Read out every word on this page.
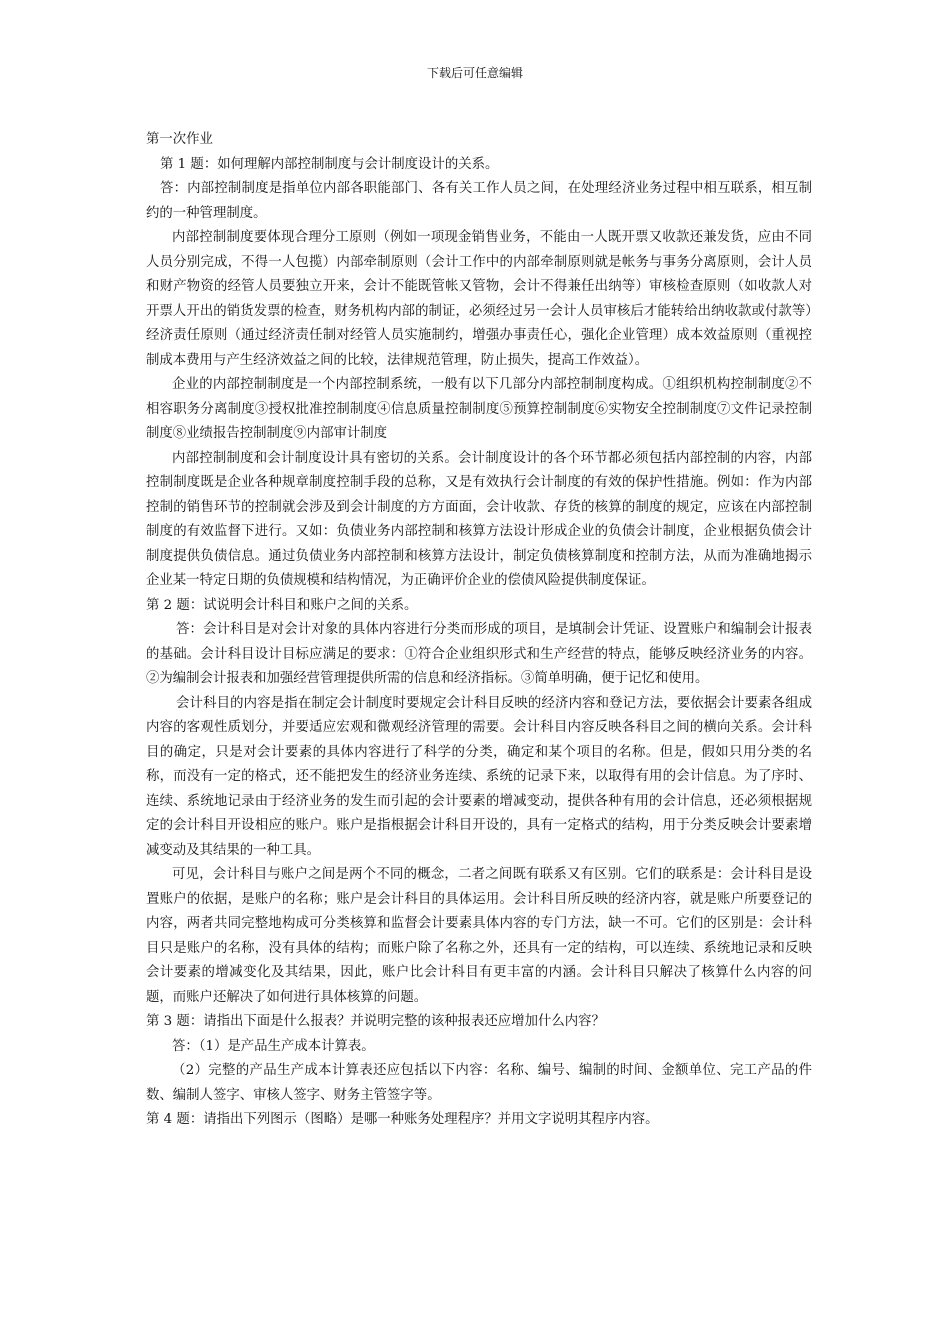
下载后可任意编辑

第一次作业

第 1 题：如何理解内部控制制度与会计制度设计的关系。

答：内部控制制度是指单位内部各职能部门、各有关工作人员之间，在处理经济业务过程中相互联系，相互制约的一种管理制度。

内部控制制度要体现合理分工原则（例如一项现金销售业务，不能由一人既开票又收款还兼发货，应由不同人员分别完成，不得一人包揽）内部牵制原则（会计工作中的内部牵制原则就是帐务与事务分离原则，会计人员和财产物资的经管人员要独立开来，会计不能既管帐又管物，会计不得兼任出纳等）审核检查原则（如收款人对开票人开出的销货发票的检查，财务机构内部的制证，必须经过另一会计人员审核后才能转给出纳收款或付款等）经济责任原则（通过经济责任制对经管人员实施制约，增强办事责任心，强化企业管理）成本效益原则（重视控制成本费用与产生经济效益之间的比较，法律规范管理，防止损失，提高工作效益）。

企业的内部控制制度是一个内部控制系统，一般有以下几部分内部控制制度构成。①组织机构控制制度②不相容职务分离制度③授权批准控制制度④信息质量控制制度⑤预算控制制度⑥实物安全控制制度⑦文件记录控制制度⑧业绩报告控制制度⑨内部审计制度

内部控制制度和会计制度设计具有密切的关系。会计制度设计的各个环节都必须包括内部控制的内容，内部控制制度既是企业各种规章制度控制手段的总称，又是有效执行会计制度的有效的保护性措施。例如：作为内部控制的销售环节的控制就会涉及到会计制度的方方面面，会计收款、存货的核算的制度的规定，应该在内部控制制度的有效监督下进行。又如：负债业务内部控制和核算方法设计形成企业的负债会计制度，企业根据负债会计制度提供负债信息。通过负债业务内部控制和核算方法设计，制定负债核算制度和控制方法，从而为准确地揭示企业某一特定日期的负债规模和结构情况，为正确评价企业的偿债风险提供制度保证。

第 2 题：试说明会计科目和账户之间的关系。

答：会计科目是对会计对象的具体内容进行分类而形成的项目，是填制会计凭证、设置账户和编制会计报表的基础。会计科目设计目标应满足的要求：①符合企业组织形式和生产经营的特点，能够反映经济业务的内容。②为编制会计报表和加强经营管理提供所需的信息和经济指标。③简单明确，便于记忆和使用。

会计科目的内容是指在制定会计制度时要规定会计科目反映的经济内容和登记方法，要依据会计要素各组成内容的客观性质划分，并要适应宏观和微观经济管理的需要。会计科目内容反映各科目之间的横向关系。会计科目的确定，只是对会计要素的具体内容进行了科学的分类，确定和某个项目的名称。但是，假如只用分类的名称，而没有一定的格式，还不能把发生的经济业务连续、系统的记录下来，以取得有用的会计信息。为了序时、连续、系统地记录由于经济业务的发生而引起的会计要素的增减变动，提供各种有用的会计信息，还必须根据规定的会计科目开设相应的账户。账户是指根据会计科目开设的，具有一定格式的结构，用于分类反映会计要素增减变动及其结果的一种工具。

可见，会计科目与账户之间是两个不同的概念，二者之间既有联系又有区别。它们的联系是：会计科目是设置账户的依据，是账户的名称；账户是会计科目的具体运用。会计科目所反映的经济内容，就是账户所要登记的内容，两者共同完整地构成可分类核算和监督会计要素具体内容的专门方法，缺一不可。它们的区别是：会计科目只是账户的名称，没有具体的结构；而账户除了名称之外，还具有一定的结构，可以连续、系统地记录和反映会计要素的增减变化及其结果，因此，账户比会计科目有更丰富的内涵。会计科目只解决了核算什么内容的问题，而账户还解决了如何进行具体核算的问题。

第 3 题：请指出下面是什么报表？并说明完整的该种报表还应增加什么内容？

答：（1）是产品生产成本计算表。

（2）完整的产品生产成本计算表还应包括以下内容：名称、编号、编制的时间、金额单位、完工产品的件数、编制人签字、审核人签字、财务主管签字等。

第 4 题：请指出下列图示（图略）是哪一种账务处理程序？并用文字说明其程序内容。
